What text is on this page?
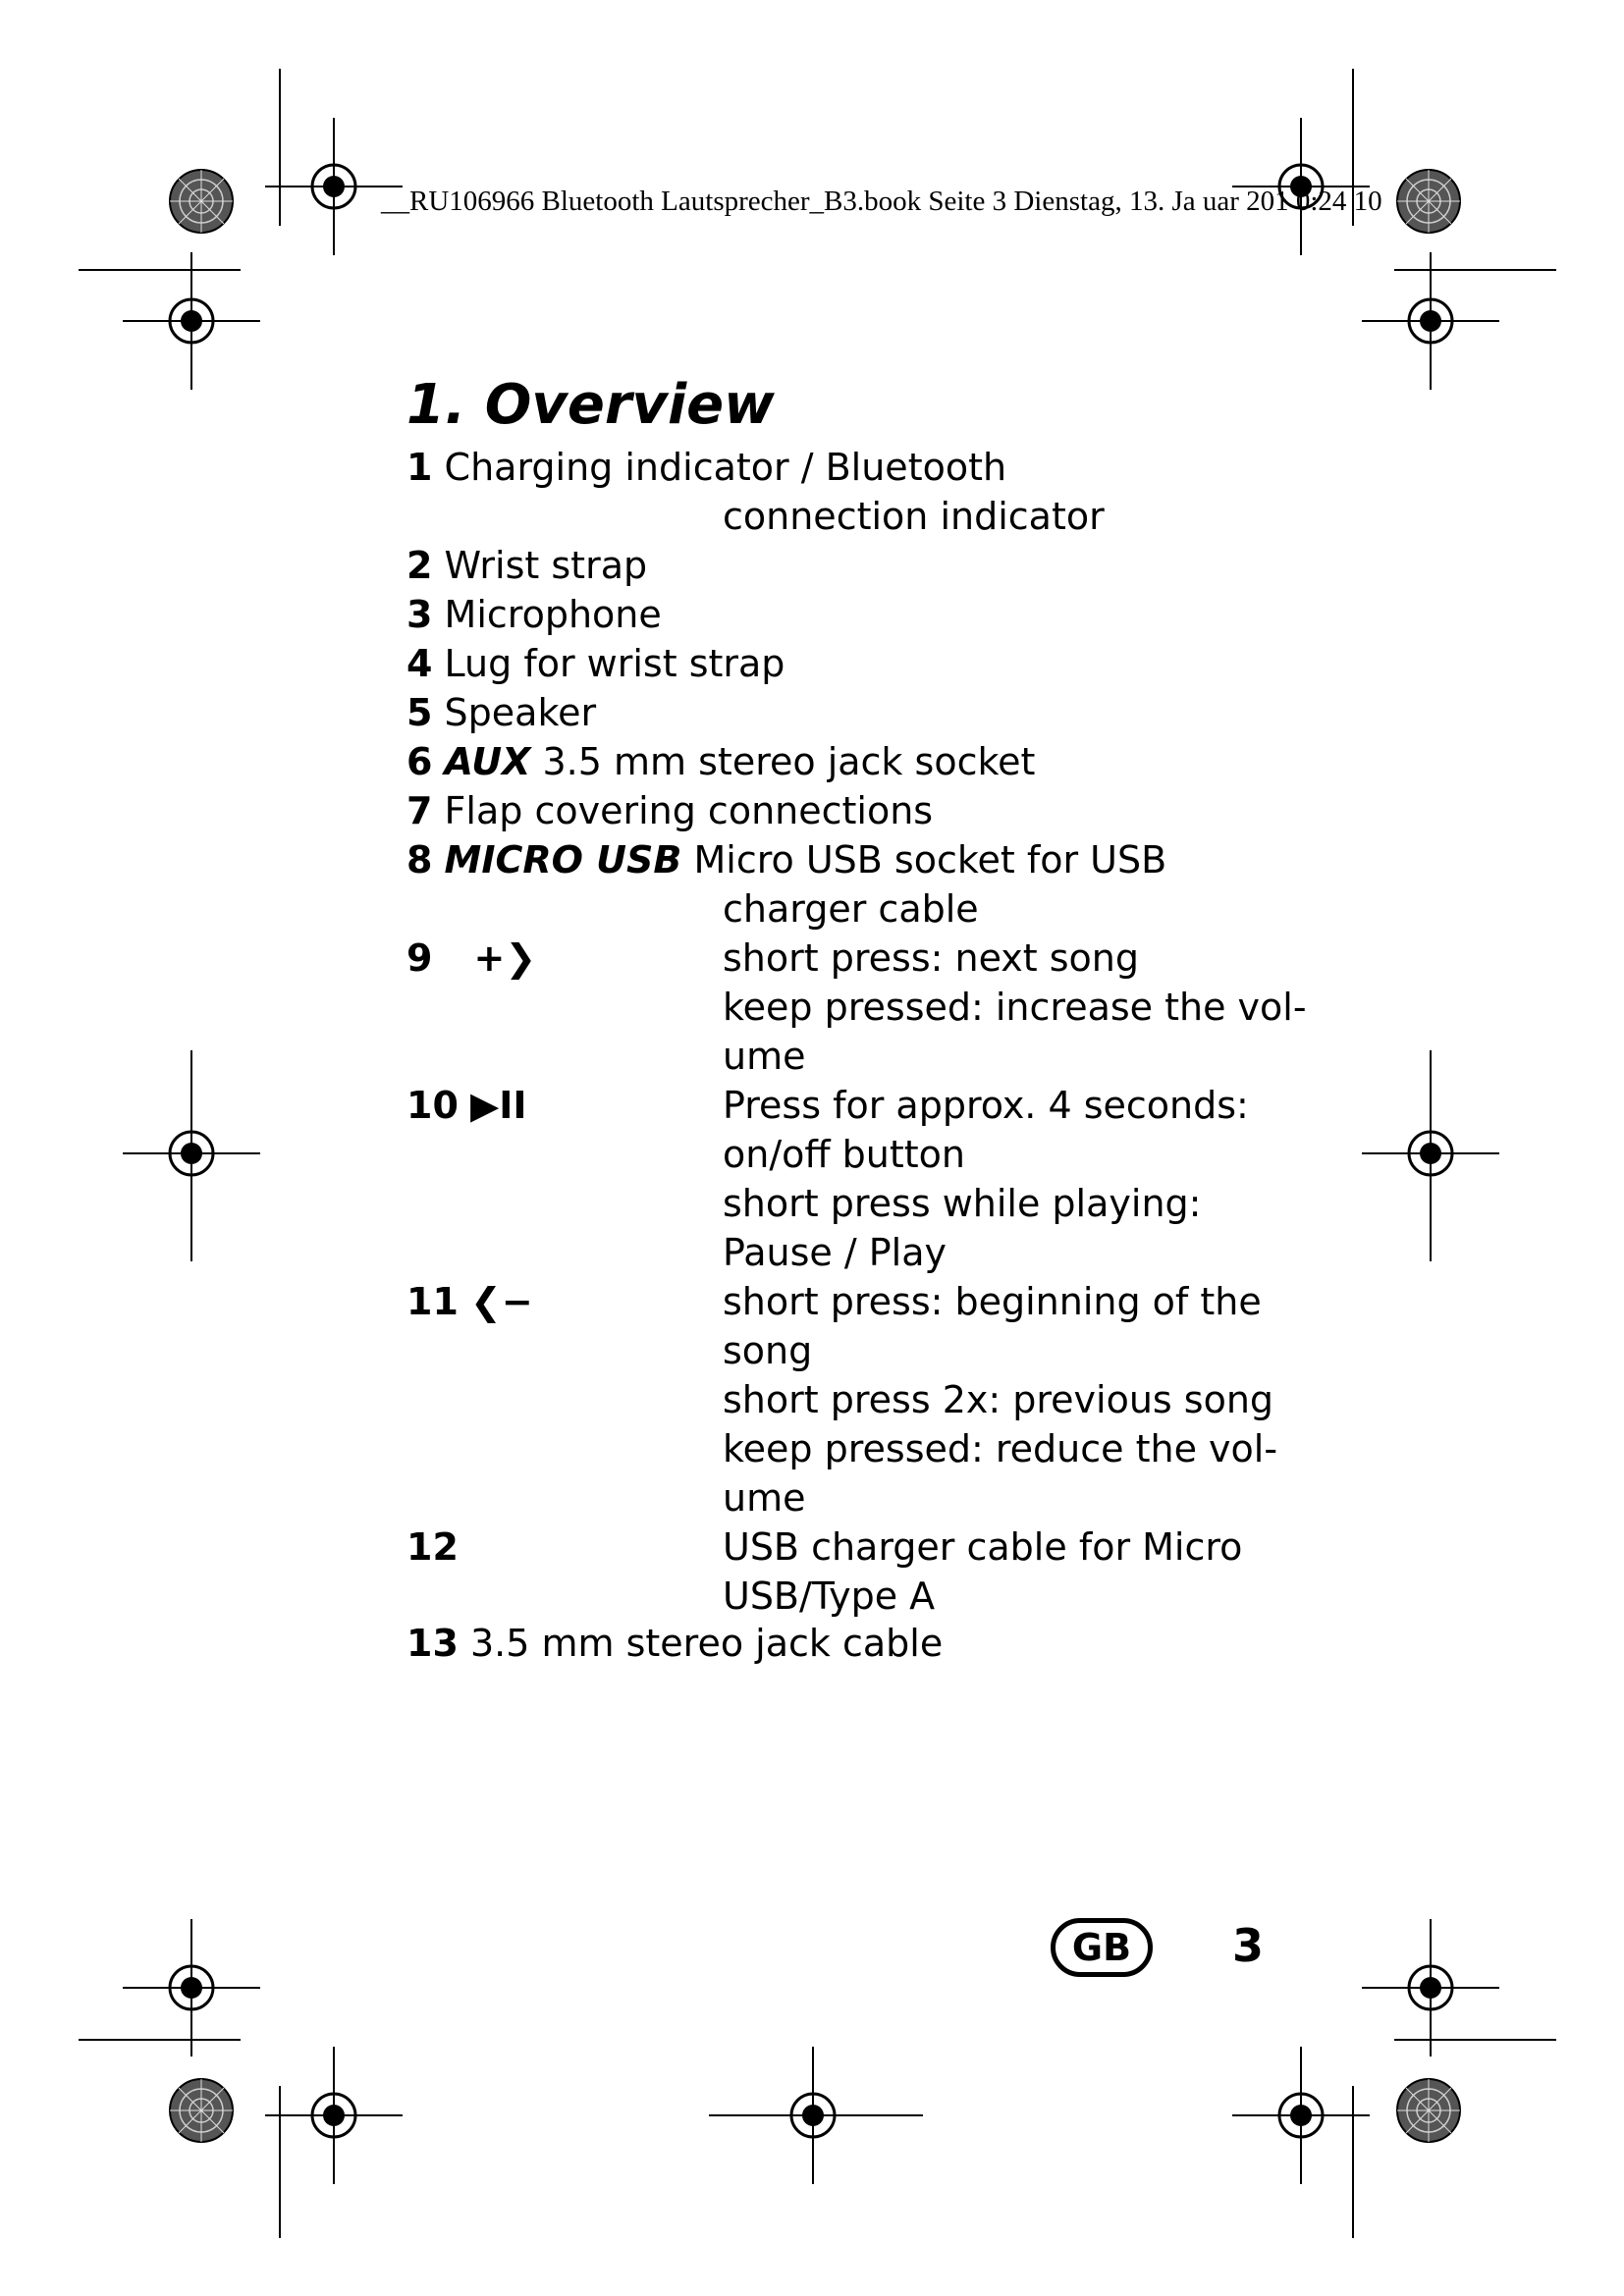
__RU106966 Bluetooth Lautsprecher_B3.book Seite 3 Dienstag, 13. Ja uar 201 0:24 10
1. Overview
1 Charging indicator / Bluetooth
connection indicator
2 Wrist strap
3 Microphone
4 Lug for wrist strap
5 Speaker
6 AUX 3.5 mm stereo jack socket
7 Flap covering connections
8 MICRO USB Micro USB socket for USB
charger cable
9 +❯	short press: next song
keep pressed: increase the vol-
ume
10 ▶II	Press for approx. 4 seconds:
on/off button
short press while playing:
Pause / Play
11 ❮−	short press: beginning of the
song
short press 2x: previous song
keep pressed: reduce the vol-
ume
12	USB charger cable for Micro
USB/Type A
13 3.5 mm stereo jack cable
GB	3
